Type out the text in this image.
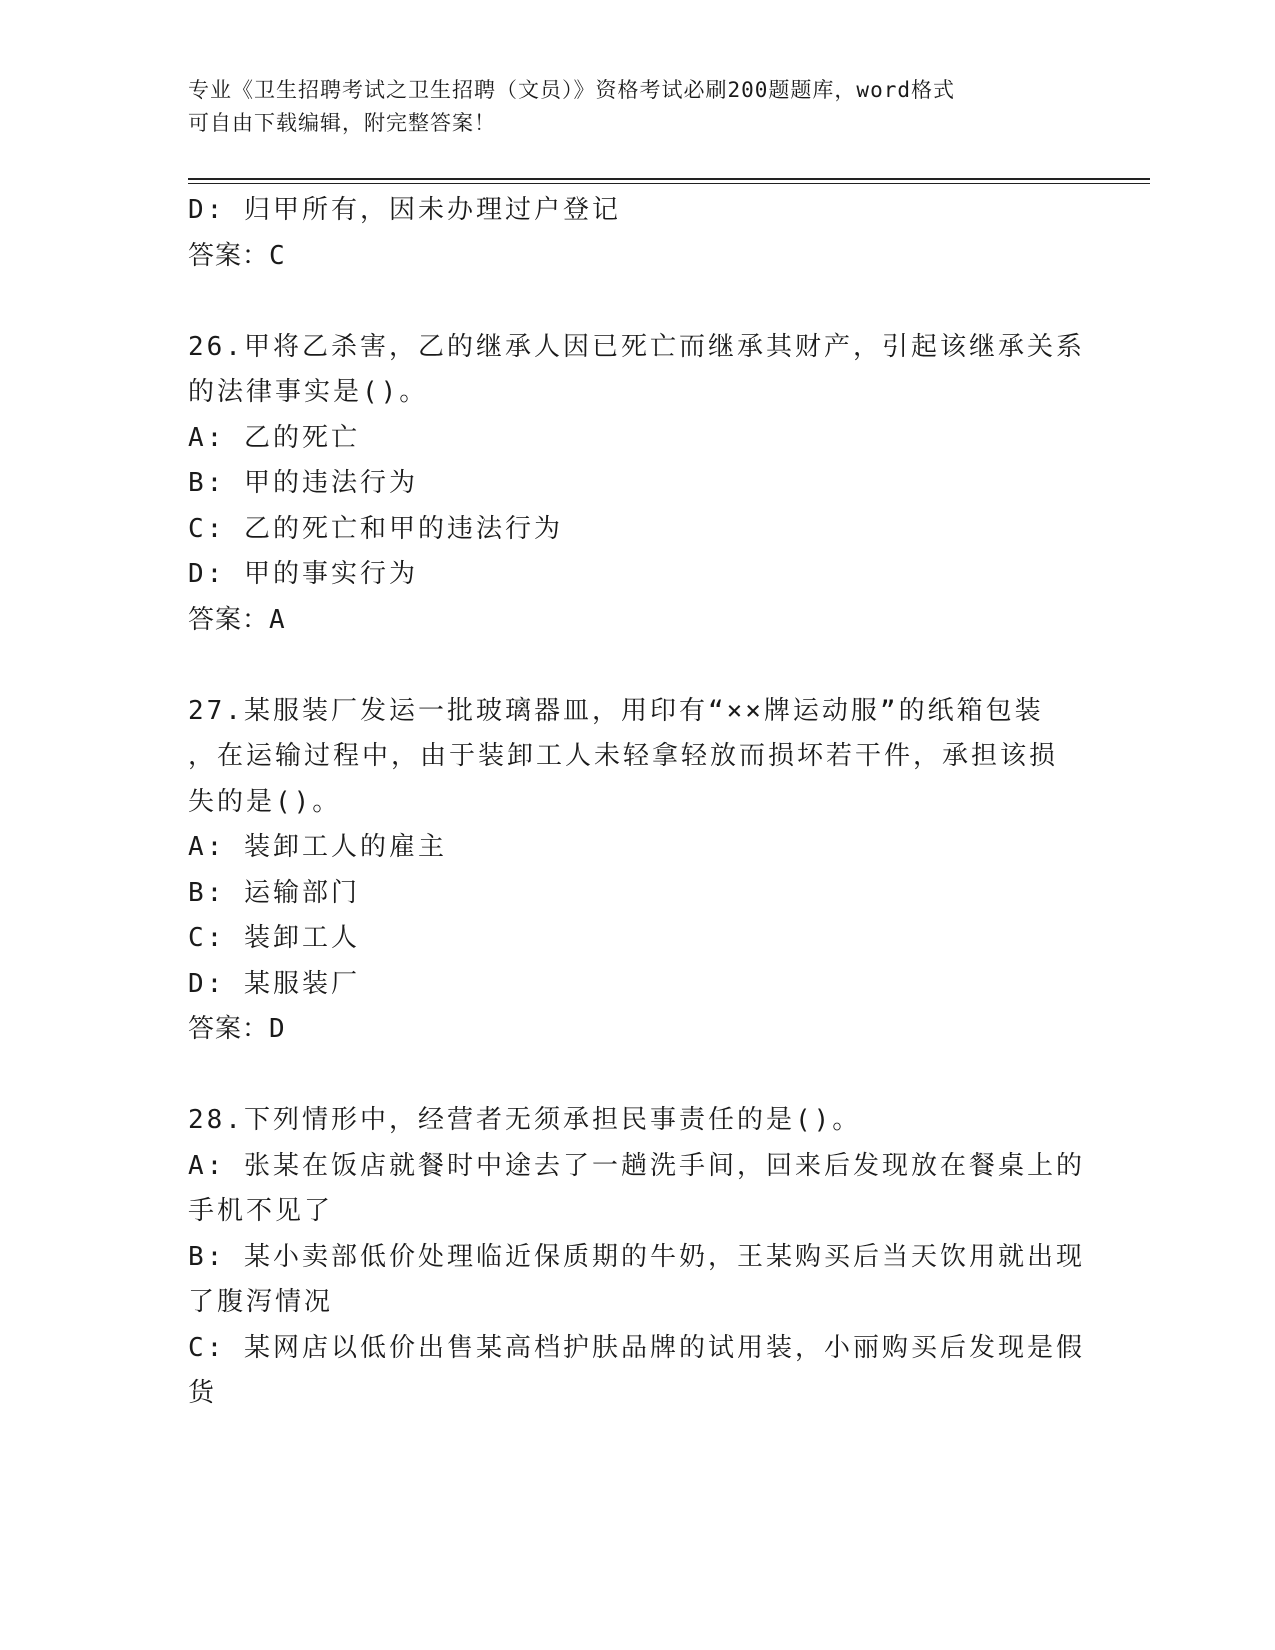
专业《卫生招聘考试之卫生招聘（文员）》资格考试必刷200题题库，word格式

可自由下载编辑，附完整答案！

D: 归甲所有，因未办理过户登记

答案：C

26.甲将乙杀害，乙的继承人因已死亡而继承其财产，引起该继承关系

的法律事实是()。

A: 乙的死亡

B: 甲的违法行为

C: 乙的死亡和甲的违法行为

D: 甲的事实行为

答案：A

27.某服装厂发运一批玻璃器皿，用印有“××牌运动服”的纸箱包装

，在运输过程中，由于装卸工人未轻拿轻放而损坏若干件，承担该损

失的是()。

A: 装卸工人的雇主

B: 运输部门

C: 装卸工人

D: 某服装厂

答案：D

28.下列情形中，经营者无须承担民事责任的是()。

A: 张某在饭店就餐时中途去了一趟洗手间，回来后发现放在餐桌上的

手机不见了

B: 某小卖部低价处理临近保质期的牛奶，王某购买后当天饮用就出现

了腹泻情况

C: 某网店以低价出售某高档护肤品牌的试用装，小丽购买后发现是假

货
